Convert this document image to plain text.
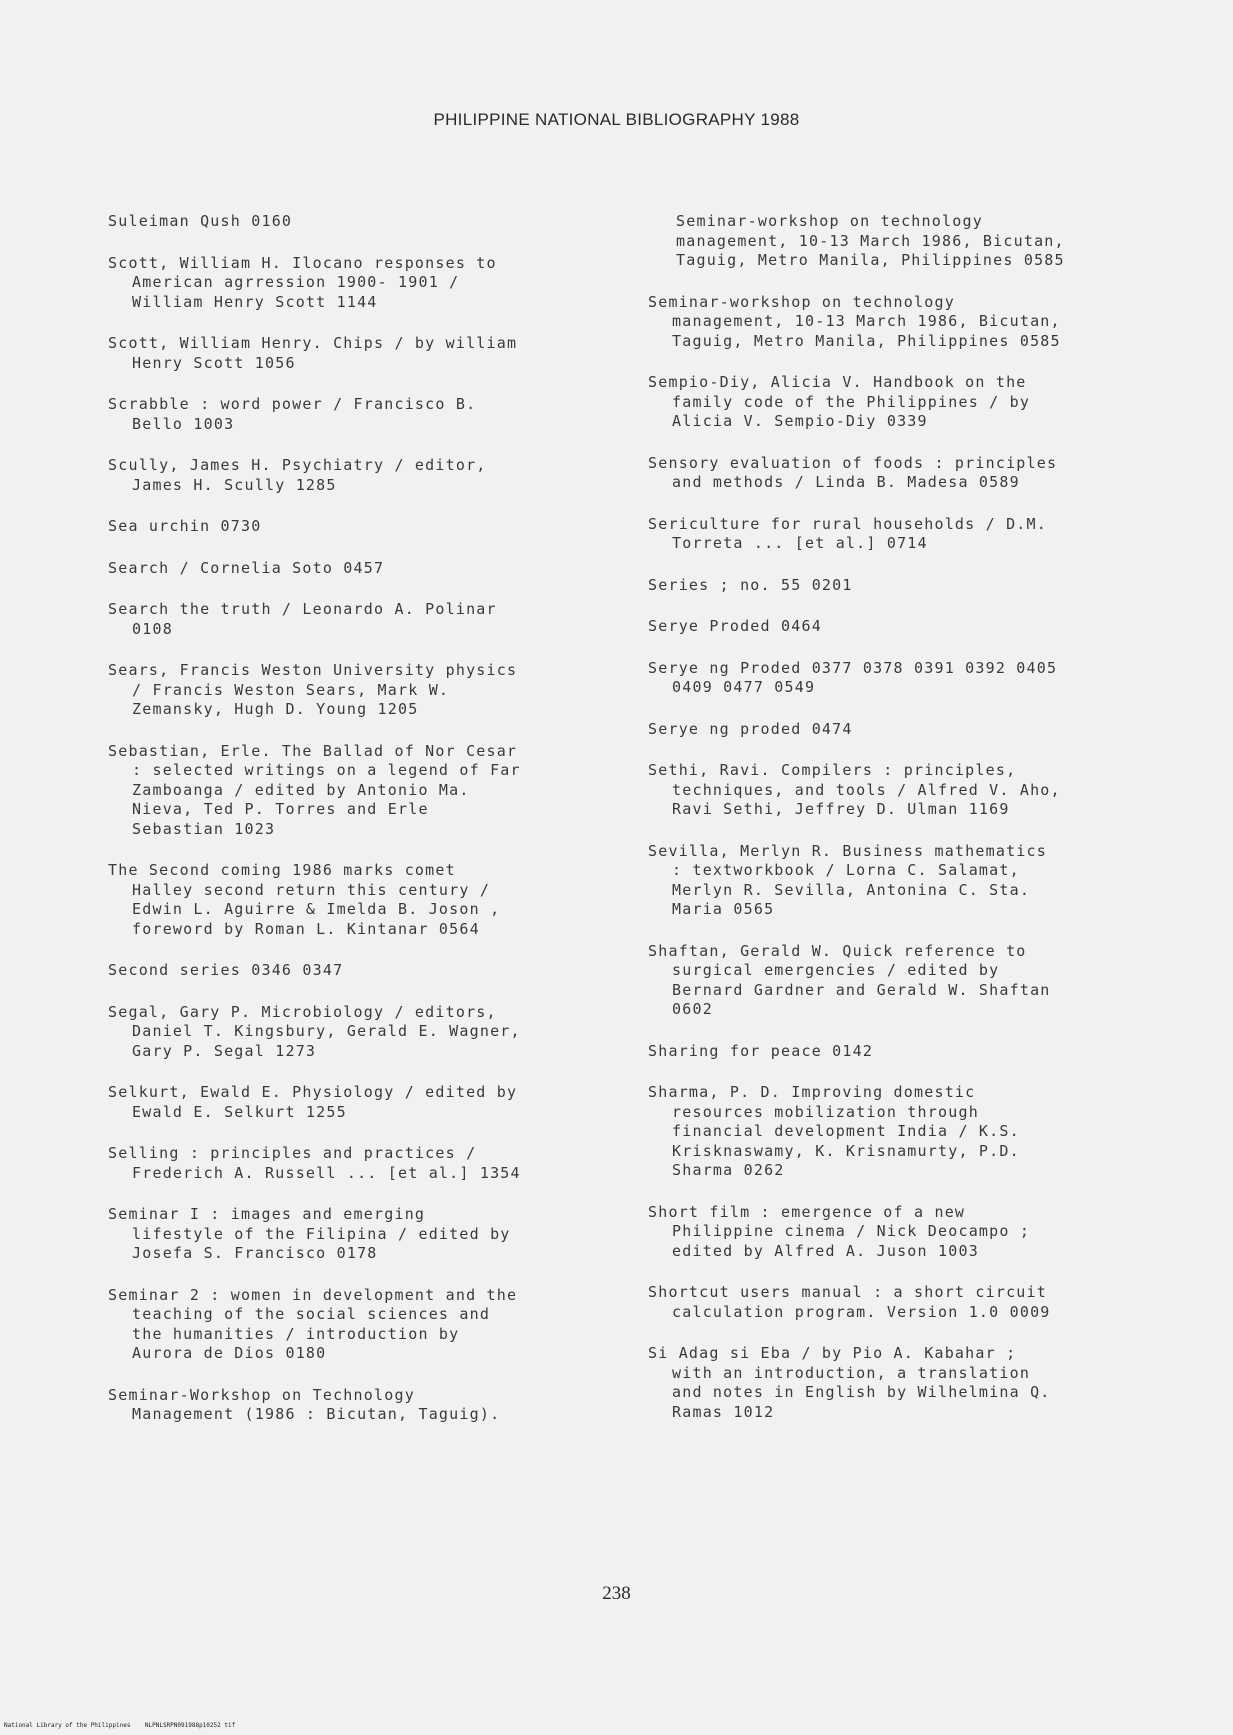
PHILIPPINE NATIONAL BIBLIOGRAPHY 1988
Suleiman Qush 0160
Scott, William H. Ilocano responses to
American agrression 1900- 1901 /
William Henry Scott 1144
Scott, William Henry. Chips / by william
Henry Scott 1056
Scrabble : word power / Francisco B.
Bello 1003
Scully, James H. Psychiatry / editor,
James H. Scully 1285
Sea urchin 0730
Search / Cornelia Soto 0457
Search the truth / Leonardo A. Polinar
0108
Sears, Francis Weston University physics
/ Francis Weston Sears, Mark W.
Zemansky, Hugh D. Young 1205
Sebastian, Erle. The Ballad of Nor Cesar
: selected writings on a legend of Far
Zamboanga / edited by Antonio Ma.
Nieva, Ted P. Torres and Erle
Sebastian 1023
The Second coming 1986 marks comet
Halley second return this century /
Edwin L. Aguirre & Imelda B. Joson ,
foreword by Roman L. Kintanar 0564
Second series 0346 0347
Segal, Gary P. Microbiology / editors,
Daniel T. Kingsbury, Gerald E. Wagner,
Gary P. Segal 1273
Selkurt, Ewald E. Physiology / edited by
Ewald E. Selkurt 1255
Selling : principles and practices /
Frederich A. Russell ... [et al.] 1354
Seminar I : images and emerging
lifestyle of the Filipina / edited by
Josefa S. Francisco 0178
Seminar 2 : women in development and the
teaching of the social sciences and
the humanities / introduction by
Aurora de Dios 0180
Seminar-Workshop on Technology
Management (1986 : Bicutan, Taguig).
Seminar-workshop on technology
management, 10-13 March 1986, Bicutan,
Taguig, Metro Manila, Philippines 0585
Seminar-workshop on technology
management, 10-13 March 1986, Bicutan,
Taguig, Metro Manila, Philippines 0585
Sempio-Diy, Alicia V. Handbook on the
family code of the Philippines / by
Alicia V. Sempio-Diy 0339
Sensory evaluation of foods : principles
and methods / Linda B. Madesa 0589
Sericulture for rural households / D.M.
Torreta ... [et al.] 0714
Series ; no. 55 0201
Serye Proded 0464
Serye ng Proded 0377 0378 0391 0392 0405
0409 0477 0549
Serye ng proded 0474
Sethi, Ravi. Compilers : principles,
techniques, and tools / Alfred V. Aho,
Ravi Sethi, Jeffrey D. Ulman 1169
Sevilla, Merlyn R. Business mathematics
: textworkbook / Lorna C. Salamat,
Merlyn R. Sevilla, Antonina C. Sta.
Maria 0565
Shaftan, Gerald W. Quick reference to
surgical emergencies / edited by
Bernard Gardner and Gerald W. Shaftan
0602
Sharing for peace 0142
Sharma, P. D. Improving domestic
resources mobilization through
financial development India / K.S.
Krisknaswamy, K. Krisnamurty, P.D.
Sharma 0262
Short film : emergence of a new
Philippine cinema / Nick Deocampo ;
edited by Alfred A. Juson 1003
Shortcut users manual : a short circuit
calculation program. Version 1.0 0009
Si Adag si Eba / by Pio A. Kabahar ;
with an introduction, a translation
and notes in English by Wilhelmina Q.
Ramas 1012
238
National Library of the Philippines    NLPNLSRPN091988p10252 tif
